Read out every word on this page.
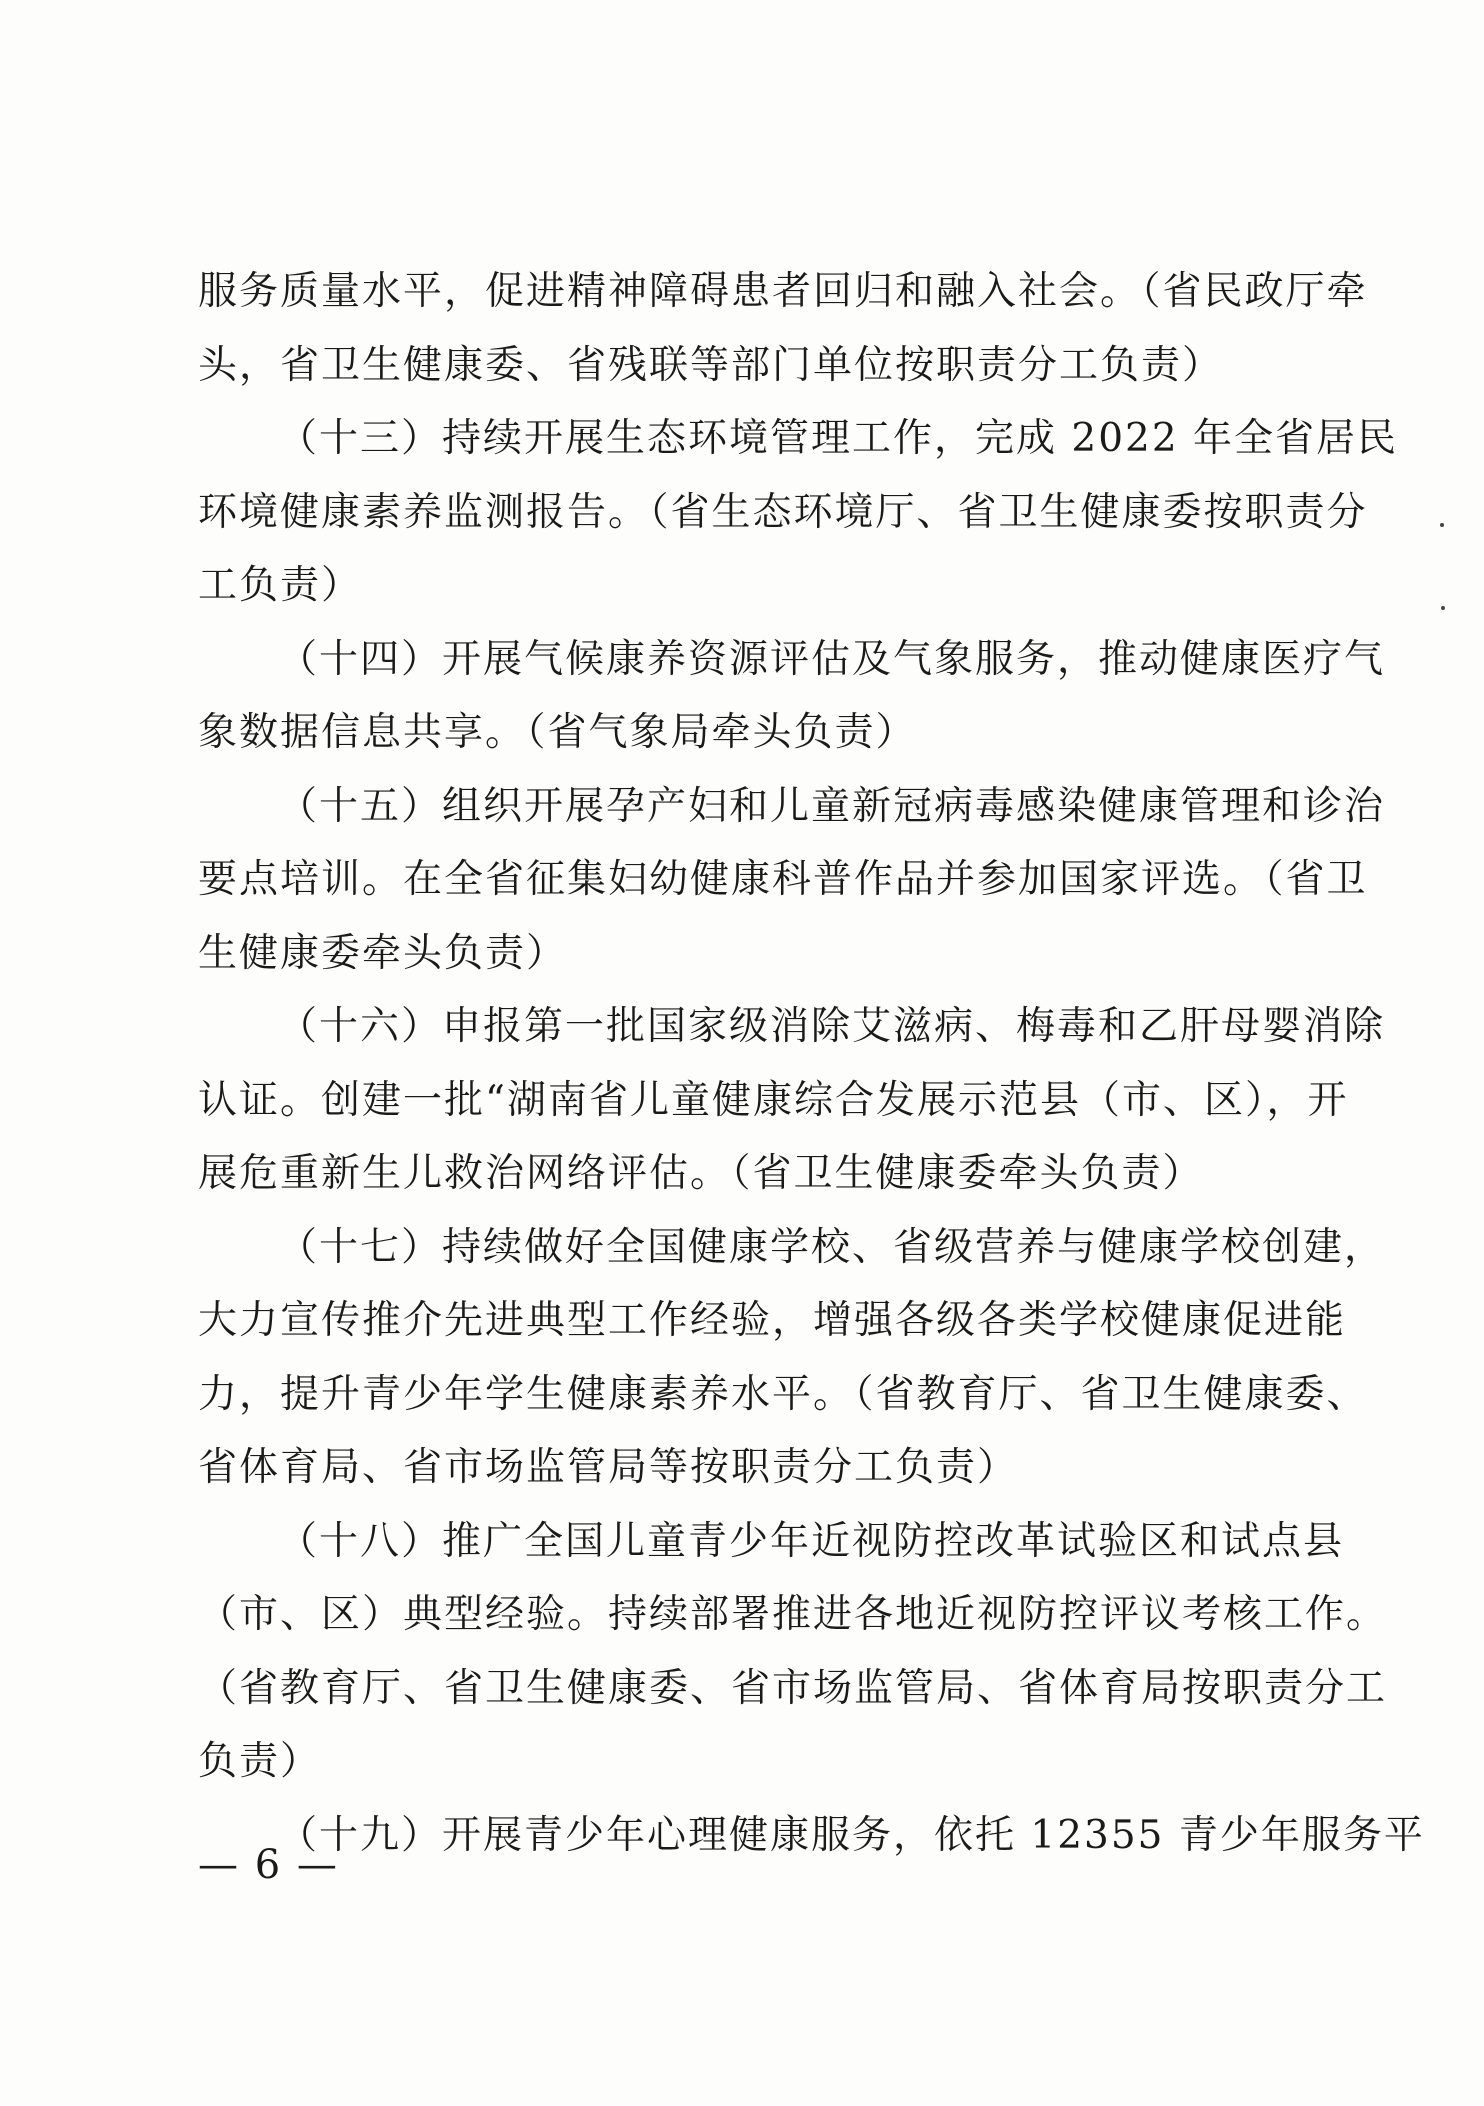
服务质量水平，促进精神障碍患者回归和融入社会。（省民政厅牵
头，省卫生健康委、省残联等部门单位按职责分工负责）
（十三）持续开展生态环境管理工作，完成 2022 年全省居民
环境健康素养监测报告。（省生态环境厅、省卫生健康委按职责分
工负责）
（十四）开展气候康养资源评估及气象服务，推动健康医疗气
象数据信息共享。（省气象局牵头负责）
（十五）组织开展孕产妇和儿童新冠病毒感染健康管理和诊治
要点培训。在全省征集妇幼健康科普作品并参加国家评选。（省卫
生健康委牵头负责）
（十六）申报第一批国家级消除艾滋病、梅毒和乙肝母婴消除
认证。创建一批“湖南省儿童健康综合发展示范县（市、区），开
展危重新生儿救治网络评估。（省卫生健康委牵头负责）
（十七）持续做好全国健康学校、省级营养与健康学校创建，
大力宣传推介先进典型工作经验，增强各级各类学校健康促进能
力，提升青少年学生健康素养水平。（省教育厅、省卫生健康委、
省体育局、省市场监管局等按职责分工负责）
（十八）推广全国儿童青少年近视防控改革试验区和试点县
（市、区）典型经验。持续部署推进各地近视防控评议考核工作。
（省教育厅、省卫生健康委、省市场监管局、省体育局按职责分工
负责）
（十九）开展青少年心理健康服务，依托 12355 青少年服务平
— 6 —
